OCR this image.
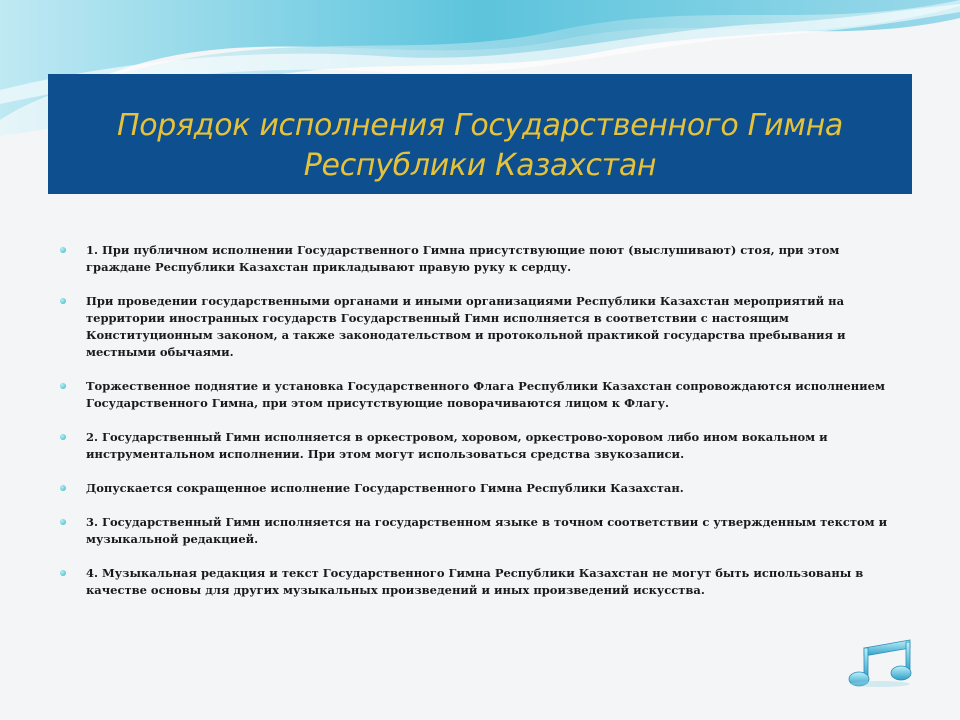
Порядок исполнения Государственного Гимна
Республики Казахстан
1. При публичном исполнении Государственного Гимна присутствующие поют (выслушивают) стоя, при этом граждане Республики Казахстан прикладывают правую руку к сердцу.
При проведении государственными органами и иными организациями Республики Казахстан мероприятий на территории иностранных государств Государственный Гимн исполняется в соответствии с настоящим Конституционным законом, а также законодательством и протокольной практикой государства пребывания и местными обычаями.
Торжественное поднятие и установка Государственного Флага Республики Казахстан сопровождаются исполнением Государственного Гимна, при этом присутствующие поворачиваются лицом к Флагу.
2. Государственный Гимн исполняется в оркестровом, хоровом, оркестрово-хоровом либо ином вокальном и инструментальном исполнении. При этом могут использоваться средства звукозаписи.
Допускается сокращенное исполнение Государственного Гимна Республики Казахстан.
3. Государственный Гимн исполняется на государственном языке в точном соответствии с утвержденным текстом и музыкальной редакцией.
4. Музыкальная редакция и текст Государственного Гимна Республики Казахстан не могут быть использованы в качестве основы для других музыкальных произведений и иных произведений искусства.
